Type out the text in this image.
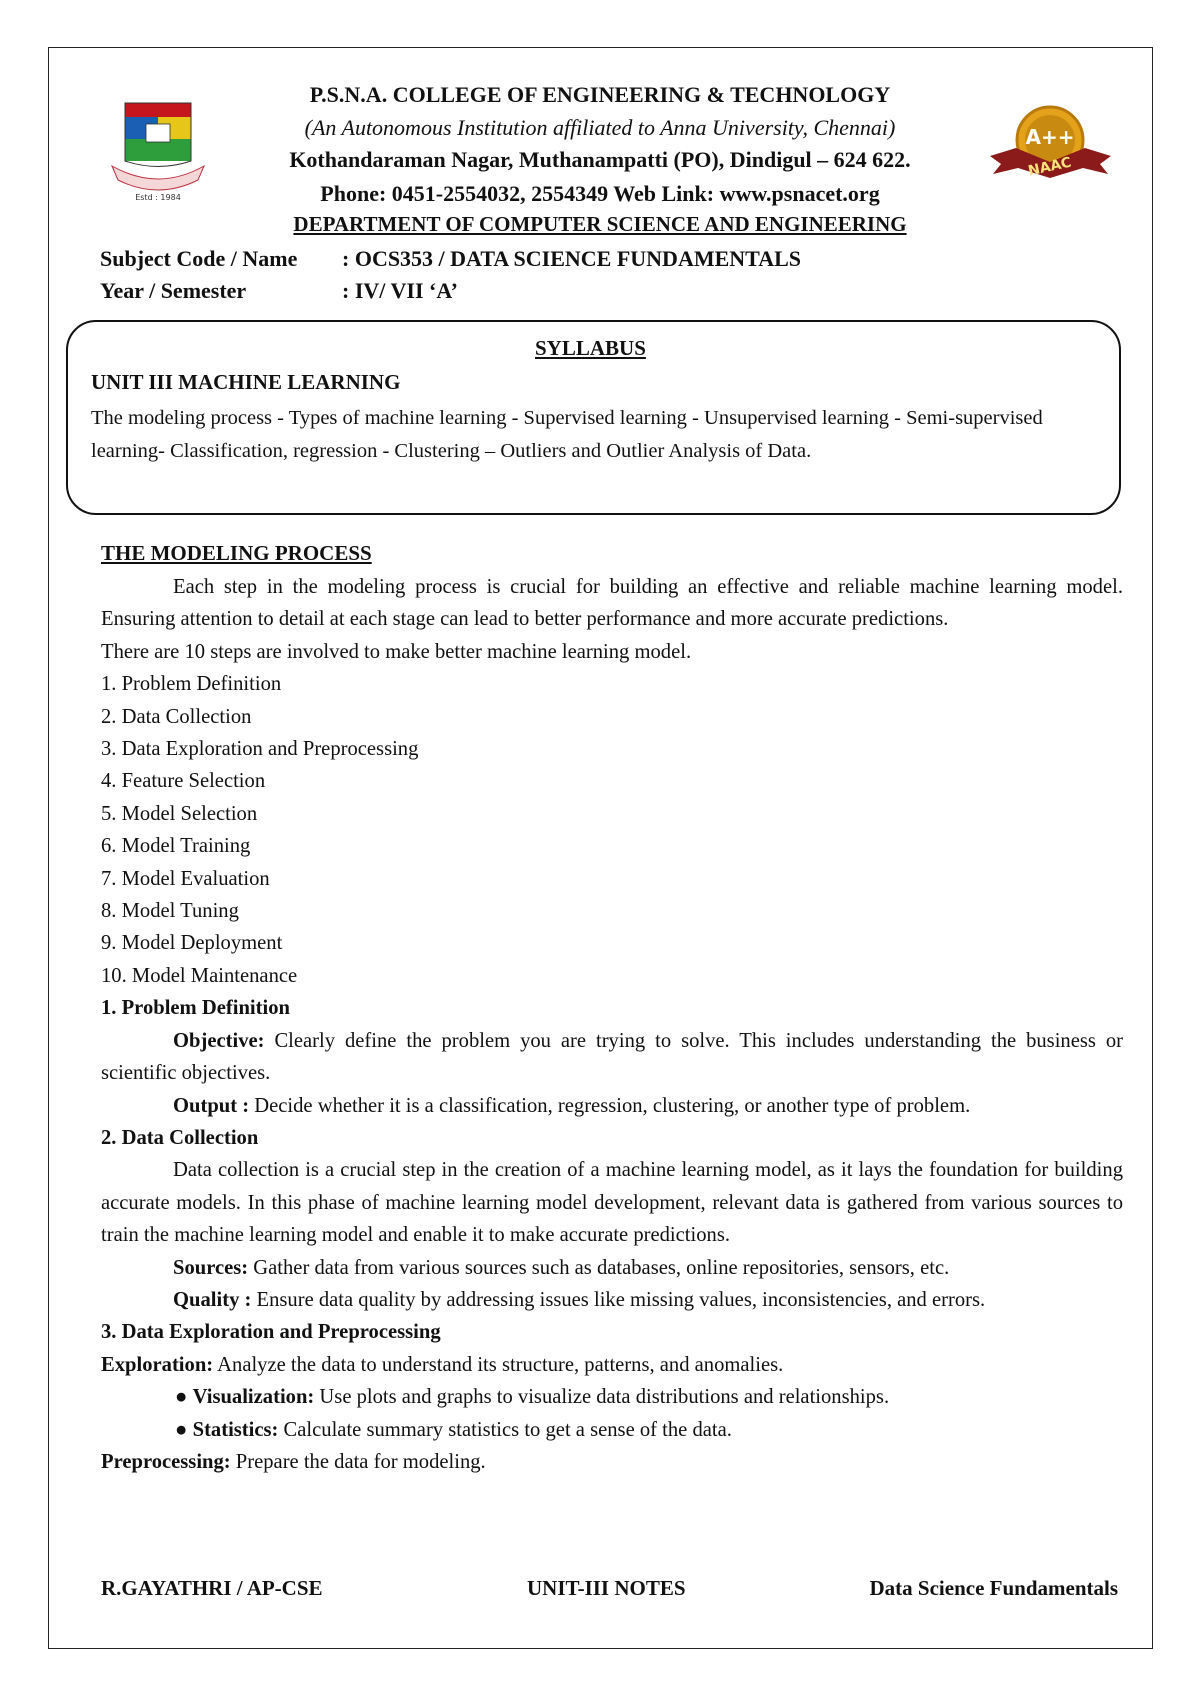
Estd : 1984
A++
NAAC
P.S.N.A. COLLEGE OF ENGINEERING & TECHNOLOGY
(An Autonomous Institution affiliated to Anna University, Chennai)
Kothandaraman Nagar, Muthanampatti (PO), Dindigul – 624 622.
Phone: 0451-2554032, 2554349 Web Link: www.psnacet.org
DEPARTMENT OF COMPUTER SCIENCE AND ENGINEERING
Subject Code / Name : OCS353 / DATA SCIENCE FUNDAMENTALS
Year / Semester	: IV/ VII ‘A’
SYLLABUS
UNIT III MACHINE LEARNING
The modeling process - Types of machine learning - Supervised learning - Unsupervised learning - Semi-supervised learning- Classification, regression - Clustering – Outliers and Outlier Analysis of Data.
THE MODELING PROCESS

Each step in the modeling process is crucial for building an effective and reliable machine learning model. Ensuring attention to detail at each stage can lead to better performance and more accurate predictions.

There are 10 steps are involved to make better machine learning model.

1. Problem Definition
2. Data Collection
3. Data Exploration and Preprocessing
4. Feature Selection
5. Model Selection
6. Model Training
7. Model Evaluation
8. Model Tuning
9. Model Deployment
10. Model Maintenance

1. Problem Definition

Objective: Clearly define the problem you are trying to solve. This includes understanding the business or scientific objectives.

Output : Decide whether it is a classification, regression, clustering, or another type of problem.

2. Data Collection

Data collection is a crucial step in the creation of a machine learning model, as it lays the foundation for building accurate models. In this phase of machine learning model development, relevant data is gathered from various sources to train the machine learning model and enable it to make accurate predictions.

Sources: Gather data from various sources such as databases, online repositories, sensors, etc.

Quality : Ensure data quality by addressing issues like missing values, inconsistencies, and errors.

3. Data Exploration and Preprocessing

Exploration: Analyze the data to understand its structure, patterns, and anomalies.

● Visualization: Use plots and graphs to visualize data distributions and relationships.

● Statistics: Calculate summary statistics to get a sense of the data.

Preprocessing: Prepare the data for modeling.

R.GAYATHRI / AP-CSE	UNIT-III NOTES	Data Science Fundamentals
